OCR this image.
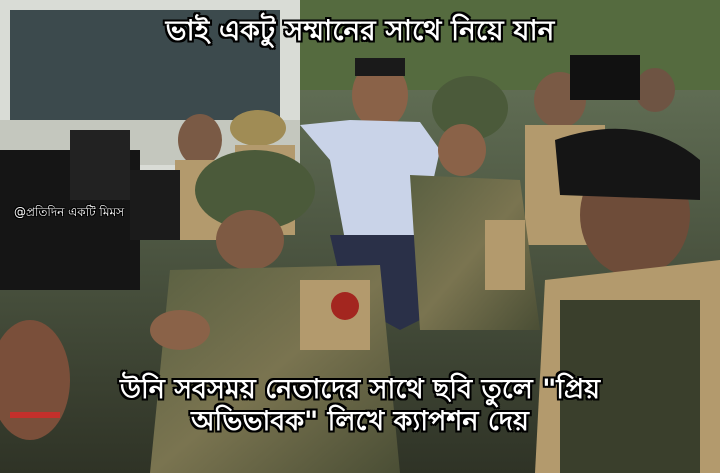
ভাই একটু সম্মানের সাথে নিয়ে যান
@প্রতিদিন একটি মিমস
উনি সবসময় নেতাদের সাথে ছবি তুলে "প্রিয়
অভিভাবক" লিখে ক্যাপশন দেয়
